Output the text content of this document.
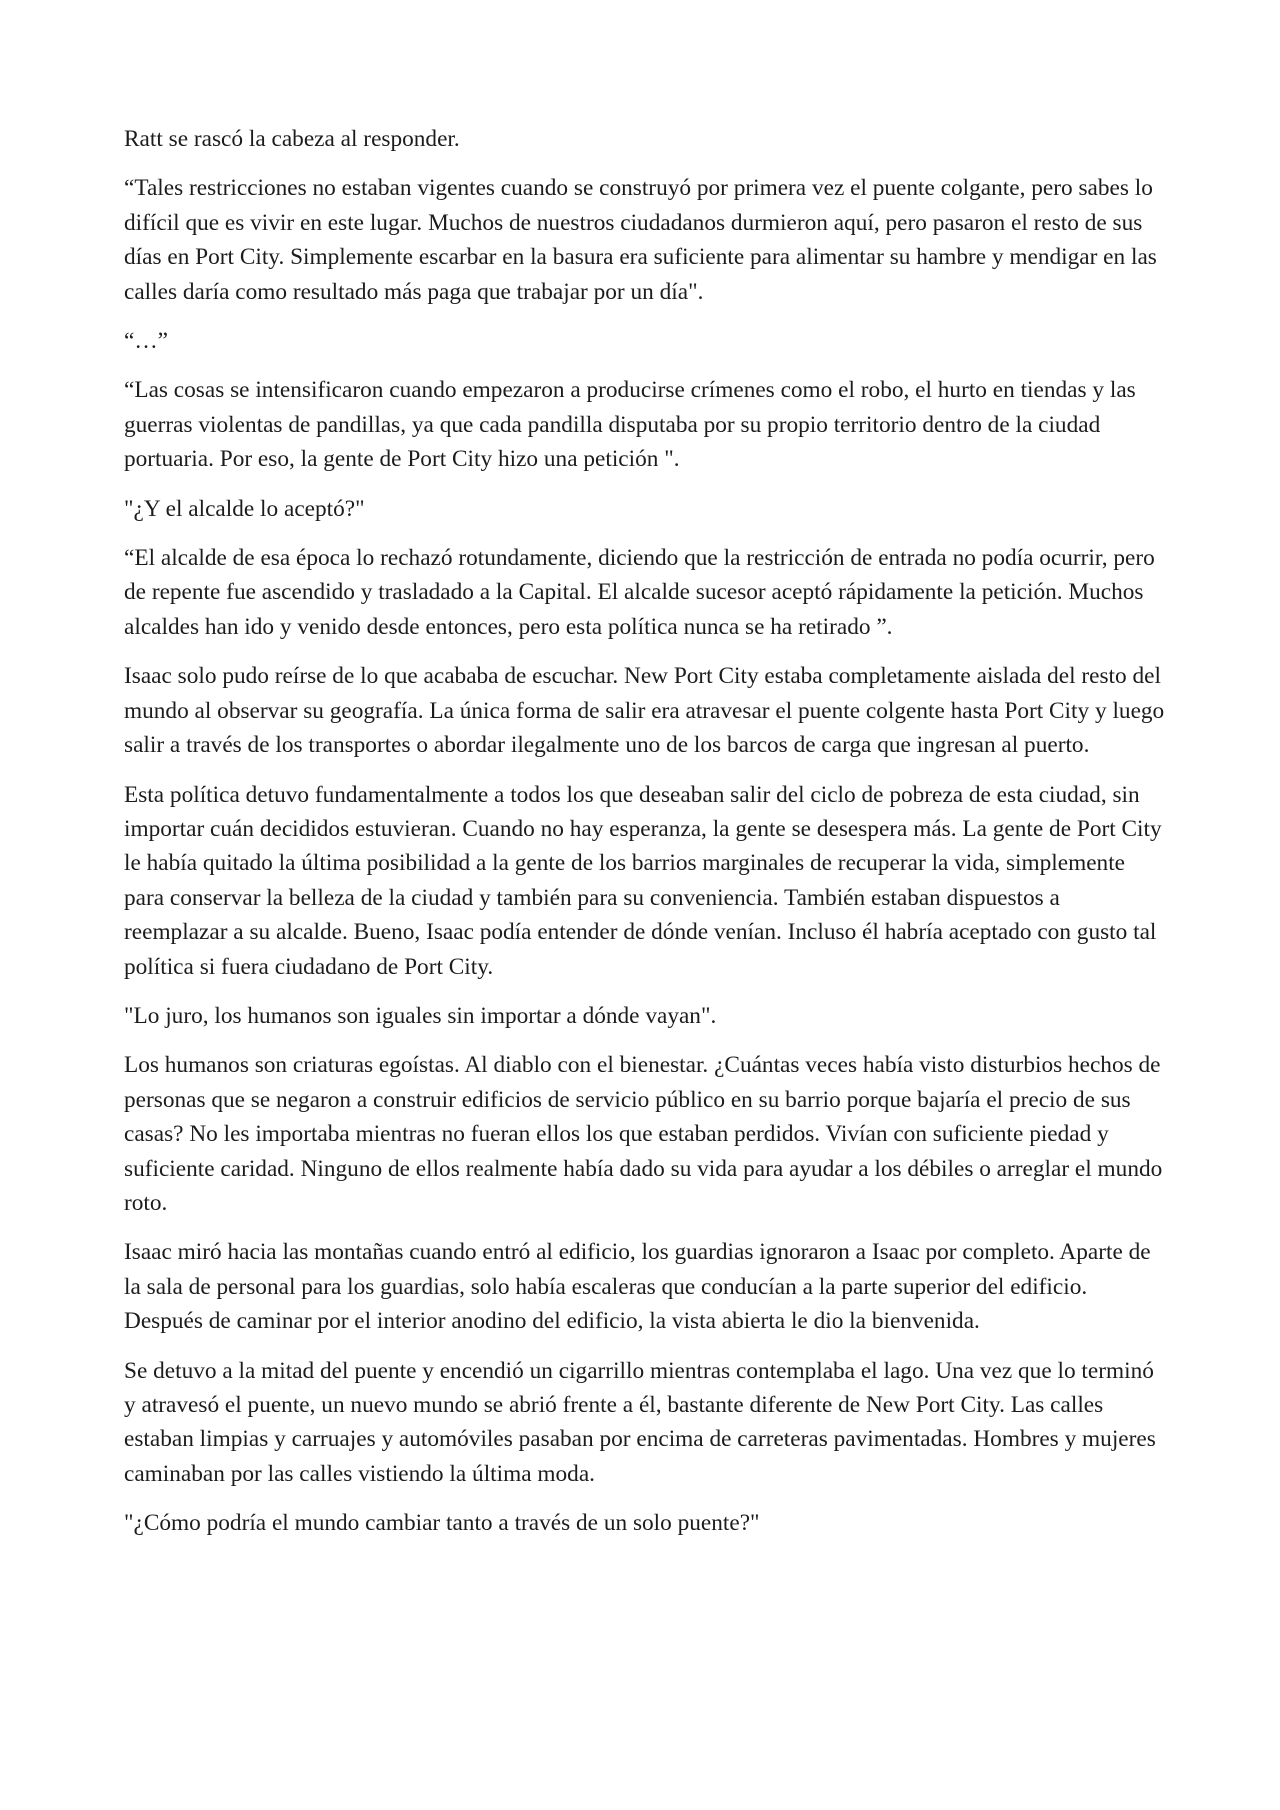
Ratt se rascó la cabeza al responder.

“Tales restricciones no estaban vigentes cuando se construyó por primera vez el puente colgante, pero sabes lo difícil que es vivir en este lugar. Muchos de nuestros ciudadanos durmieron aquí, pero pasaron el resto de sus días en Port City. Simplemente escarbar en la basura era suficiente para alimentar su hambre y mendigar en las calles daría como resultado más paga que trabajar por un día".

“…”

“Las cosas se intensificaron cuando empezaron a producirse crímenes como el robo, el hurto en tiendas y las guerras violentas de pandillas, ya que cada pandilla disputaba por su propio territorio dentro de la ciudad portuaria. Por eso, la gente de Port City hizo una petición ".

"¿Y el alcalde lo aceptó?"

“El alcalde de esa época lo rechazó rotundamente, diciendo que la restricción de entrada no podía ocurrir, pero de repente fue ascendido y trasladado a la Capital. El alcalde sucesor aceptó rápidamente la petición. Muchos alcaldes han ido y venido desde entonces, pero esta política nunca se ha retirado ”.

Isaac solo pudo reírse de lo que acababa de escuchar. New Port City estaba completamente aislada del resto del mundo al observar su geografía. La única forma de salir era atravesar el puente colgente hasta Port City y luego salir a través de los transportes o abordar ilegalmente uno de los barcos de carga que ingresan al puerto.

Esta política detuvo fundamentalmente a todos los que deseaban salir del ciclo de pobreza de esta ciudad, sin importar cuán decididos estuvieran. Cuando no hay esperanza, la gente se desespera más. La gente de Port City le había quitado la última posibilidad a la gente de los barrios marginales de recuperar la vida, simplemente para conservar la belleza de la ciudad y también para su conveniencia. También estaban dispuestos a reemplazar a su alcalde. Bueno, Isaac podía entender de dónde venían. Incluso él habría aceptado con gusto tal política si fuera ciudadano de Port City.

"Lo juro, los humanos son iguales sin importar a dónde vayan".

Los humanos son criaturas egoístas. Al diablo con el bienestar. ¿Cuántas veces había visto disturbios hechos de personas que se negaron a construir edificios de servicio público en su barrio porque bajaría el precio de sus casas? No les importaba mientras no fueran ellos los que estaban perdidos. Vivían con suficiente piedad y suficiente caridad. Ninguno de ellos realmente había dado su vida para ayudar a los débiles o arreglar el mundo roto.

Isaac miró hacia las montañas cuando entró al edificio, los guardias ignoraron a Isaac por completo. Aparte de la sala de personal para los guardias, solo había escaleras que conducían a la parte superior del edificio. Después de caminar por el interior anodino del edificio, la vista abierta le dio la bienvenida.

Se detuvo a la mitad del puente y encendió un cigarrillo mientras contemplaba el lago. Una vez que lo terminó y atravesó el puente, un nuevo mundo se abrió frente a él, bastante diferente de New Port City. Las calles estaban limpias y carruajes y automóviles pasaban por encima de carreteras pavimentadas. Hombres y mujeres caminaban por las calles vistiendo la última moda.

"¿Cómo podría el mundo cambiar tanto a través de un solo puente?"
